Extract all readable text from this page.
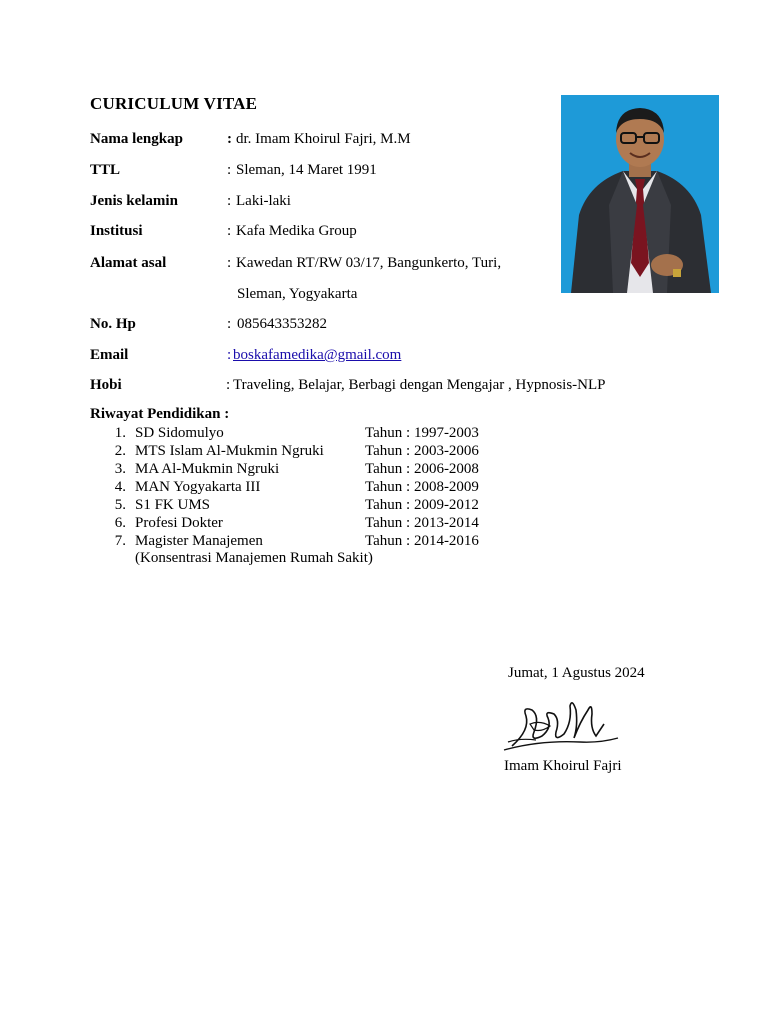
CURICULUM VITAE
Nama lengkap	: dr. Imam Khoirul Fajri, M.M
TTL	: Sleman, 14 Maret 1991
Jenis kelamin	: Laki-laki
Institusi	: Kafa Medika Group
Alamat asal	: Kawedan RT/RW 03/17, Bangunkerto, Turi,
Sleman, Yogyakarta
No. Hp	: 085643353282
Email	: boskafamedika@gmail.com
Hobi	: Traveling, Belajar, Berbagi dengan Mengajar , Hypnosis-NLP
Riwayat Pendidikan :
1. SD Sidomulyo	Tahun : 1997-2003
2. MTS Islam Al-Mukmin Ngruki	Tahun : 2003-2006
3. MA Al-Mukmin Ngruki	Tahun : 2006-2008
4. MAN Yogyakarta III	Tahun : 2008-2009
5. S1 FK UMS	Tahun : 2009-2012
6. Profesi Dokter	Tahun : 2013-2014
7. Magister Manajemen	Tahun : 2014-2016
(Konsentrasi Manajemen Rumah Sakit)
Jumat, 1 Agustus 2024
Imam Khoirul Fajri
